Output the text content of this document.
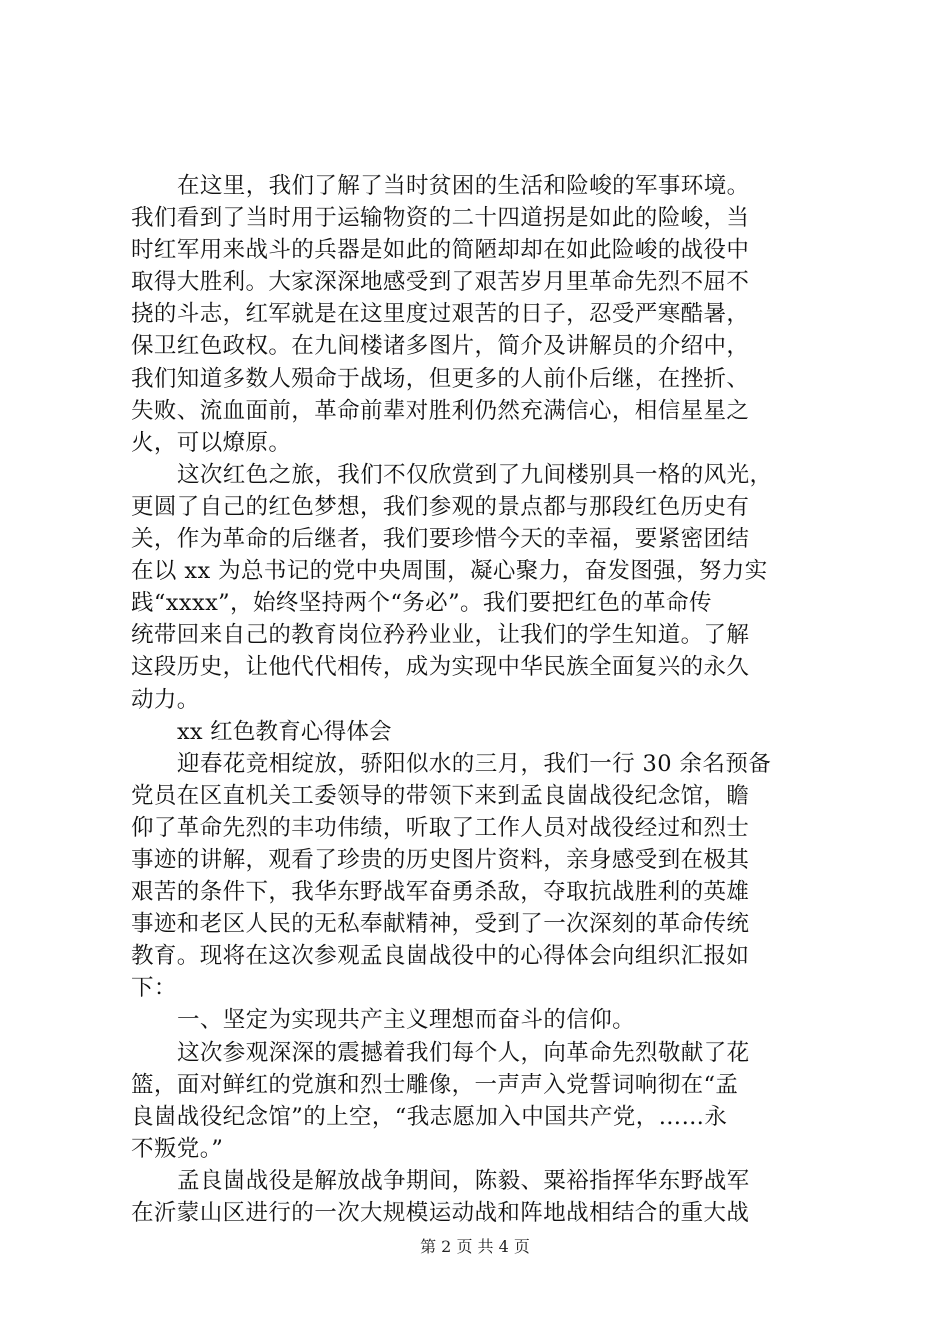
在这里，我们了解了当时贫困的生活和险峻的军事环境。
我们看到了当时用于运输物资的二十四道拐是如此的险峻，当
时红军用来战斗的兵器是如此的简陋却却在如此险峻的战役中
取得大胜利。大家深深地感受到了艰苦岁月里革命先烈不屈不
挠的斗志，红军就是在这里度过艰苦的日子，忍受严寒酷暑，
保卫红色政权。在九间楼诸多图片，简介及讲解员的介绍中，
我们知道多数人殒命于战场，但更多的人前仆后继，在挫折、
失败、流血面前，革命前辈对胜利仍然充满信心，相信星星之
火，可以燎原。
这次红色之旅，我们不仅欣赏到了九间楼别具一格的风光，
更圆了自己的红色梦想，我们参观的景点都与那段红色历史有
关，作为革命的后继者，我们要珍惜今天的幸福，要紧密团结
在以 xx 为总书记的党中央周围，凝心聚力，奋发图强，努力实
践“xxxx”，始终坚持两个“务必”。我们要把红色的革命传
统带回来自己的教育岗位矜矜业业，让我们的学生知道。了解
这段历史，让他代代相传，成为实现中华民族全面复兴的永久
动力。
xx 红色教育心得体会
迎春花竞相绽放，骄阳似水的三月，我们一行 30 余名预备
党员在区直机关工委领导的带领下来到孟良崮战役纪念馆，瞻
仰了革命先烈的丰功伟绩，听取了工作人员对战役经过和烈士
事迹的讲解，观看了珍贵的历史图片资料，亲身感受到在极其
艰苦的条件下，我华东野战军奋勇杀敌，夺取抗战胜利的英雄
事迹和老区人民的无私奉献精神，受到了一次深刻的革命传统
教育。现将在这次参观孟良崮战役中的心得体会向组织汇报如
下：
一、坚定为实现共产主义理想而奋斗的信仰。
这次参观深深的震撼着我们每个人，向革命先烈敬献了花
篮，面对鲜红的党旗和烈士雕像，一声声入党誓词响彻在“孟
良崮战役纪念馆”的上空，“我志愿加入中国共产党，……永
不叛党。”
孟良崮战役是解放战争期间，陈毅、粟裕指挥华东野战军
在沂蒙山区进行的一次大规模运动战和阵地战相结合的重大战
第 2 页 共 4 页
